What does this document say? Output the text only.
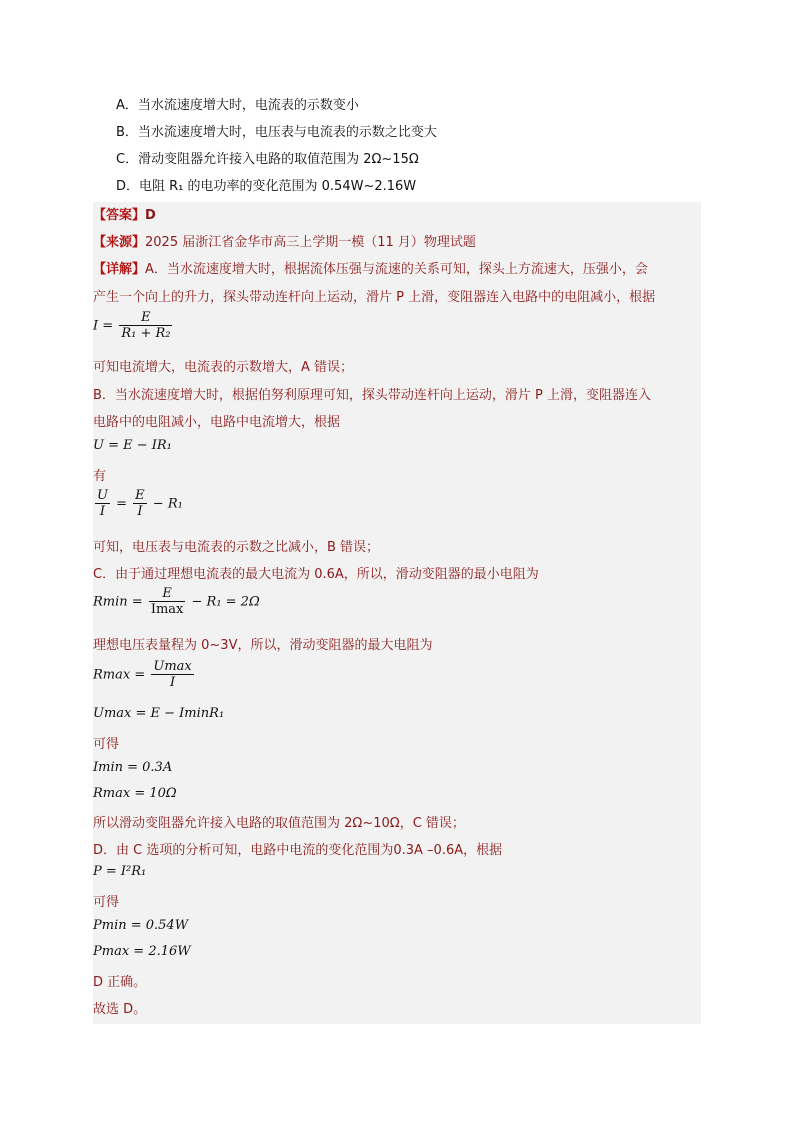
A．当水流速度增大时，电流表的示数变小
B．当水流速度增大时，电压表与电流表的示数之比变大
C．滑动变阻器允许接入电路的取值范围为 2Ω~15Ω
D．电阻 R₁ 的电功率的变化范围为 0.54W~2.16W
【答案】D
【来源】2025 届浙江省金华市高三上学期一模（11 月）物理试题
【详解】A．当水流速度增大时，根据流体压强与流速的关系可知，探头上方流速大，压强小，会
产生一个向上的升力，探头带动连杆向上运动，滑片 P 上滑，变阻器连入电路中的电阻减小，根据
$I = \frac{E}{\text{R₁ + R₂}}$
可知电流增大，电流表的示数增大，A 错误；
B．当水流速度增大时，根据伯努利原理可知，探头带动连杆向上运动，滑片 P 上滑，变阻器连入
电路中的电阻减小，电路中电流增大，根据
U = E − IR₁
有
$\frac{U}{I} = \frac{E}{I} - R_1$
可知，电压表与电流表的示数之比减小，B 错误；
C．由于通过理想电流表的最大电流为 0.6A，所以，滑动变阻器的最小电阻为
Rmin =
E
Imax − R₁ = 2Ω
理想电压表量程为 0~3V，所以，滑动变阻器的最大电阻为
Rmax =
Umax
I
Umax = E − IminR₁
可得
Imin = 0.3A
Rmax = 10Ω
所以滑动变阻器允许接入电路的取值范围为 2Ω~10Ω，C 错误；
D．由 C 选项的分析可知，电路中电流的变化范围为0.3A –0.6A，根据
P = I²R₁
可得
Pmin = 0.54W
Pmax = 2.16W
D 正确。
故选 D。
